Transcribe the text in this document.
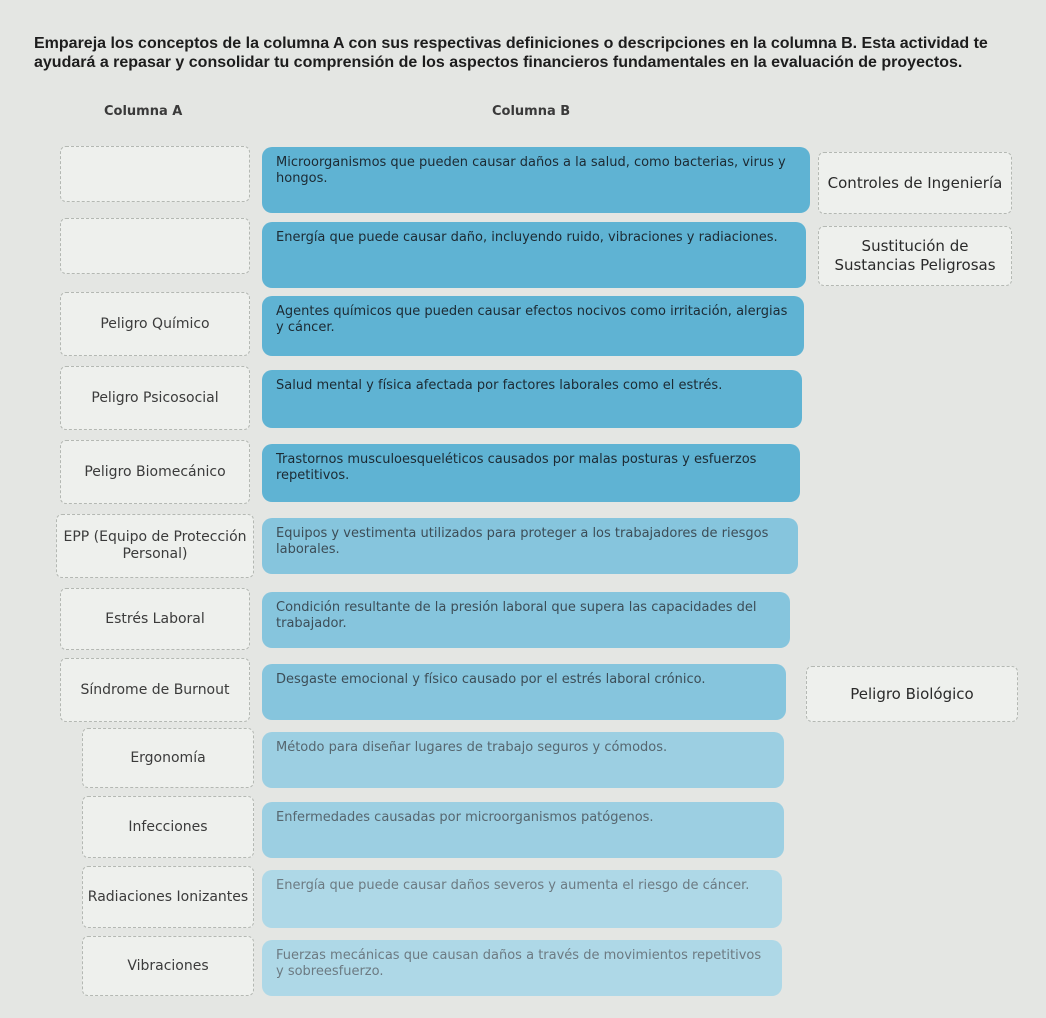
Empareja los conceptos de la columna A con sus respectivas definiciones o descripciones en la columna B. Esta actividad te ayudará a repasar y consolidar tu comprensión de los aspectos financieros fundamentales en la evaluación de proyectos.
Columna A	Columna B
Microorganismos que pueden causar daños a la salud, como bacterias, virus y hongos.
Energía que puede causar daño, incluyendo ruido, vibraciones y radiaciones.
Peligro Químico
Agentes químicos que pueden causar efectos nocivos como irritación, alergias y cáncer.
Peligro Psicosocial
Salud mental y física afectada por factores laborales como el estrés.
Peligro Biomecánico
Trastornos musculoesqueléticos causados por malas posturas y esfuerzos repetitivos.
EPP (Equipo de Protección Personal)
Equipos y vestimenta utilizados para proteger a los trabajadores de riesgos laborales.
Estrés Laboral
Condición resultante de la presión laboral que supera las capacidades del trabajador.
Síndrome de Burnout
Desgaste emocional y físico causado por el estrés laboral crónico.
Ergonomía
Método para diseñar lugares de trabajo seguros y cómodos.
Infecciones
Enfermedades causadas por microorganismos patógenos.
Radiaciones Ionizantes
Energía que puede causar daños severos y aumenta el riesgo de cáncer.
Vibraciones
Fuerzas mecánicas que causan daños a través de movimientos repetitivos y sobreesfuerzo.
Controles de Ingeniería
Sustitución de Sustancias Peligrosas
Peligro Biológico
